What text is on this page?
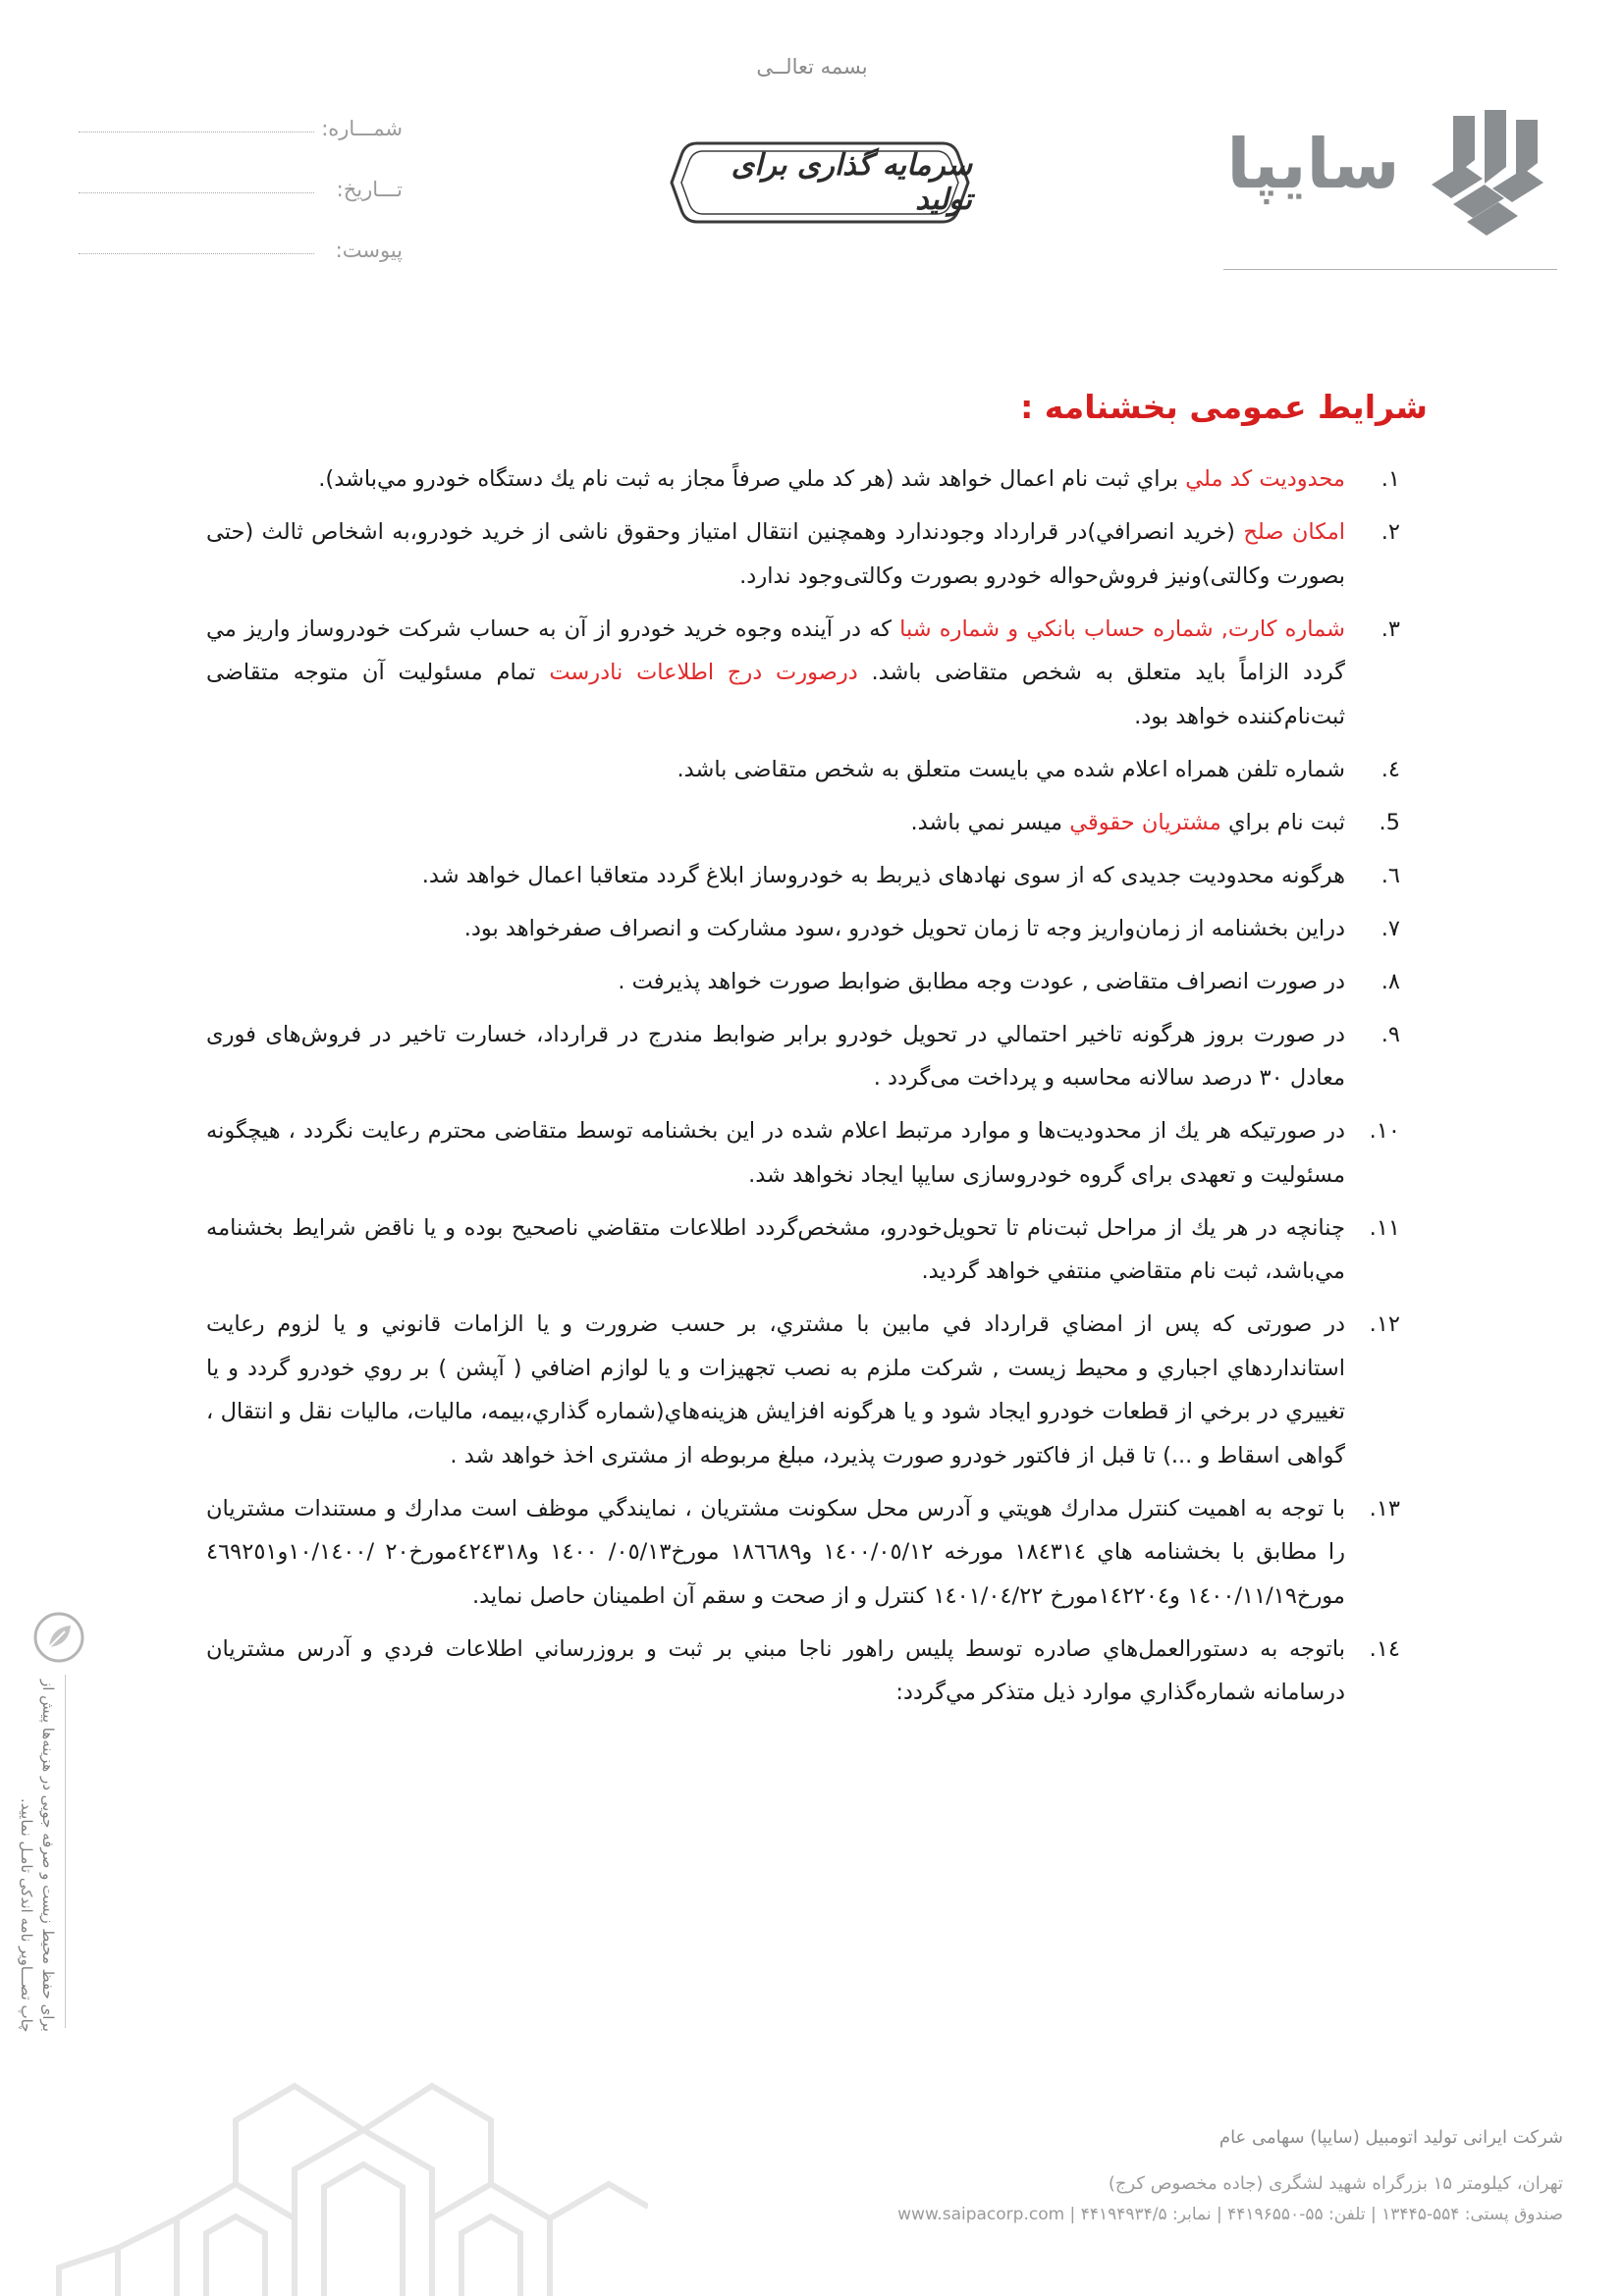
بسمه تعالــی
شمـــاره:
تـــاریخ:
پیوست:
سرمایه گذاری برای تولید	سایپا
شرايط عمومی بخشنامه :
۱.
محدوديت كد ملي براي ثبت نام اعمال خواهد شد (هر كد ملي صرفاً مجاز به ثبت نام يك دستگاه خودرو مي‌باشد).
۲.
امكان صلح (خريد انصرافي)در قرارداد وجودندارد وهمچنين انتقال امتياز وحقوق ناشی از خريد خودرو،به اشخاص ثالث (حتی بصورت وكالتی)ونيز فروش‌حواله خودرو بصورت وكالتی‌وجود ندارد.
۳.
شماره كارت, شماره حساب بانكي و شماره شبا كه در آينده وجوه خريد خودرو از آن به حساب شركت خودروساز واريز مي گردد الزاماً بايد متعلق به شخص متقاضی باشد. درصورت درج اطلاعات نادرست تمام مسئوليت آن متوجه متقاضی ثبت‌نام‌كننده خواهد بود.
٤.
شماره تلفن همراه اعلام شده مي بايست متعلق به شخص متقاضی باشد.
5.
ثبت نام براي مشتريان حقوقي ميسر نمي باشد.
٦.
هرگونه محدوديت جديدی كه از سوی نهادهای ذيربط به خودروساز ابلاغ گردد متعاقبا اعمال خواهد شد.
۷.
دراين بخشنامه از زمان‌واريز وجه تا زمان تحويل خودرو ،سود مشاركت و انصراف صفرخواهد بود.
۸.
در صورت انصراف متقاضی , عودت وجه مطابق ضوابط صورت خواهد پذيرفت .
۹.
در صورت بروز هرگونه تاخير احتمالي در تحويل خودرو برابر ضوابط مندرج در قرارداد، خسارت تاخير در فروش‌های فوری معادل ۳۰ درصد سالانه محاسبه و پرداخت می‌گردد .
۱۰.
در صورتيكه هر يك از محدوديت‌ها و موارد مرتبط اعلام شده در اين بخشنامه توسط متقاضی محترم رعايت نگردد ، هيچگونه مسئوليت و تعهدی برای گروه خودروسازی سايپا ايجاد نخواهد شد.
۱۱.
چنانچه در هر يك از مراحل ثبت‌نام تا تحويل‌خودرو، مشخص‌گردد اطلاعات متقاضي ناصحيح بوده و يا ناقض شرايط بخشنامه مي‌باشد، ثبت نام متقاضي منتفي خواهد گرديد.
۱۲.
در صورتی كه پس از امضاي قرارداد في مابين با مشتري، بر حسب ضرورت و يا الزامات قانوني و يا لزوم رعايت استانداردهاي اجباري و محيط زيست , شركت ملزم به نصب تجهيزات و يا لوازم اضافي ( آپشن ) بر روي خودرو گردد و يا تغييري در برخي از قطعات خودرو ايجاد شود و يا هرگونه افزايش هزينه‌هاي(شماره گذاري،بيمه، ماليات، ماليات نقل و انتقال ، گواهی اسقاط و ...) تا قبل از فاكتور خودرو صورت پذيرد، مبلغ مربوطه از مشتری اخذ خواهد شد .
۱۳.
با توجه به اهميت كنترل مدارك هويتي و آدرس محل سكونت مشتريان ، نمايندگي موظف است مدارك و مستندات مشتريان را مطابق با بخشنامه هاي ١٨٤٣١٤ مورخه ١٤٠٠/٠٥/١٢ و١٨٦٦٨٩ مورخ٠٥/١٣/ ١٤٠٠ و٤٢٤٣١٨مورخ٢٠ /١٠/١٤٠٠و٤٦٩٢٥١ مورخ١٤٠٠/١١/١٩ و١٤٢٢٠٤مورخ ١٤٠١/٠٤/٢٢ كنترل و از صحت و سقم آن اطمينان حاصل نمايد.
١٤.
باتوجه به دستورالعمل‌هاي صادره توسط پليس راهور ناجا مبني بر ثبت و بروزرساني اطلاعات فردي و آدرس مشتريان درسامانه شماره‌گذاري موارد ذيل متذكر مي‌گردد:
برای حفظ محیط زیست و صرفه جویی در هزینه‌ها پیش از چاپ تصـــاویر نامه اندکی تامـل نمایید.
شرکت ایرانی تولید اتومبیل (سایپا) سهامی عام
تهران، کیلومتر ۱۵ بزرگراه شهید لشگری (جاده مخصوص کرج)
صندوق پستی: ۵۵۴-۱۳۴۴۵ | تلفن: ۵۵-۴۴۱۹۶۵۵۰ | نمابر: ۴۴۱۹۴۹۳۴/۵ | www.saipacorp.com
